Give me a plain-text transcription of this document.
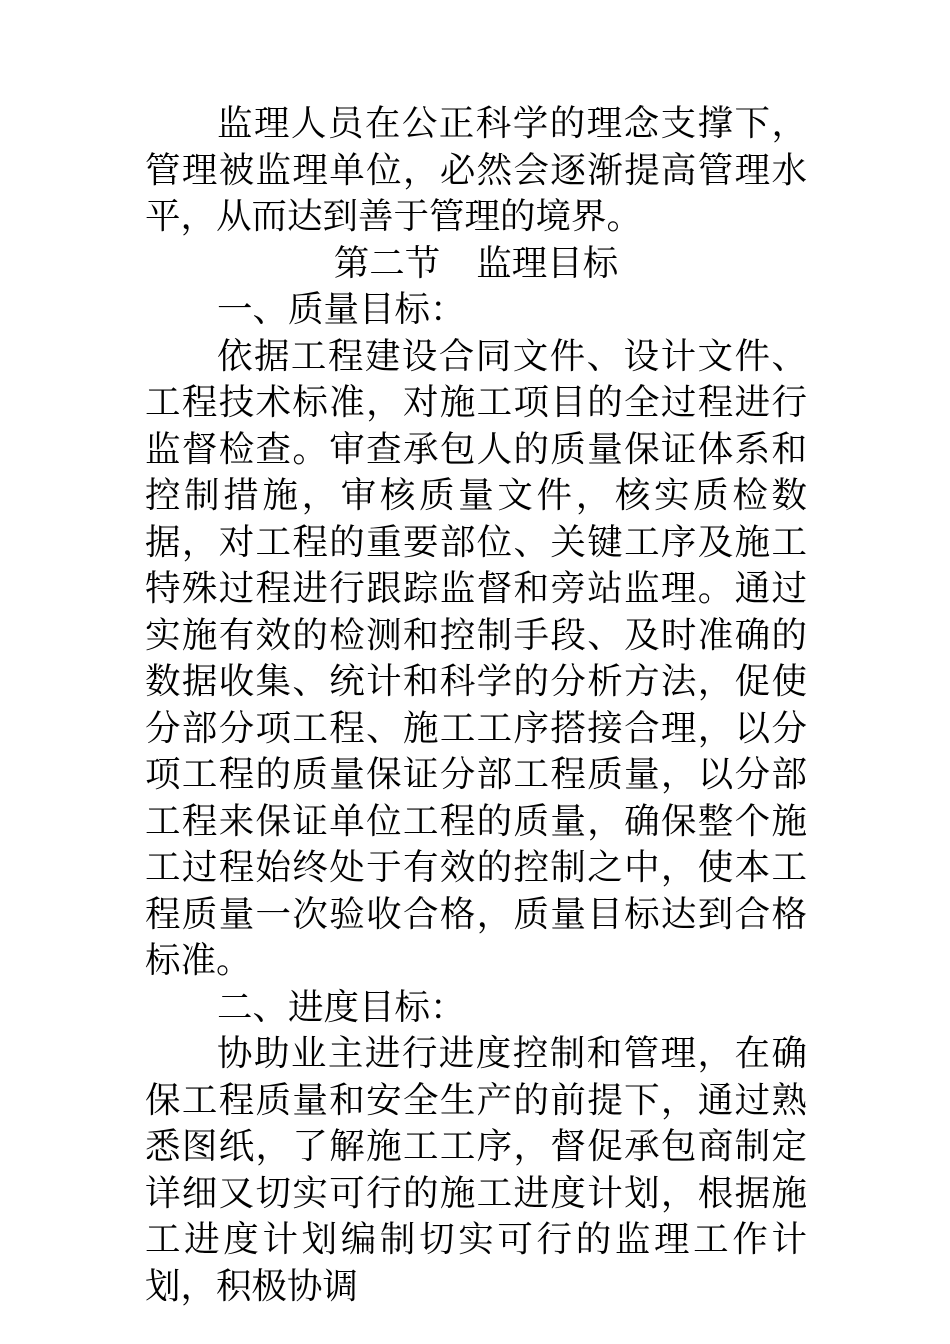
监理人员在公正科学的理念支撑下，管理被监理单位，必然会逐渐提高管理水平，从而达到善于管理的境界。

第二节 监理目标

一、质量目标：

依据工程建设合同文件、设计文件、工程技术标准，对施工项目的全过程进行监督检查。审查承包人的质量保证体系和控制措施，审核质量文件，核实质检数据，对工程的重要部位、关键工序及施工特殊过程进行跟踪监督和旁站监理。通过实施有效的检测和控制手段、及时准确的数据收集、统计和科学的分析方法，促使分部分项工程、施工工序搭接合理，以分项工程的质量保证分部工程质量，以分部工程来保证单位工程的质量，确保整个施工过程始终处于有效的控制之中，使本工程质量一次验收合格，质量目标达到合格标准。

二、进度目标：

协助业主进行进度控制和管理，在确保工程质量和安全生产的前提下，通过熟悉图纸，了解施工工序，督促承包商制定详细又切实可行的施工进度计划，根据施工进度计划编制切实可行的监理工作计划，积极协调
